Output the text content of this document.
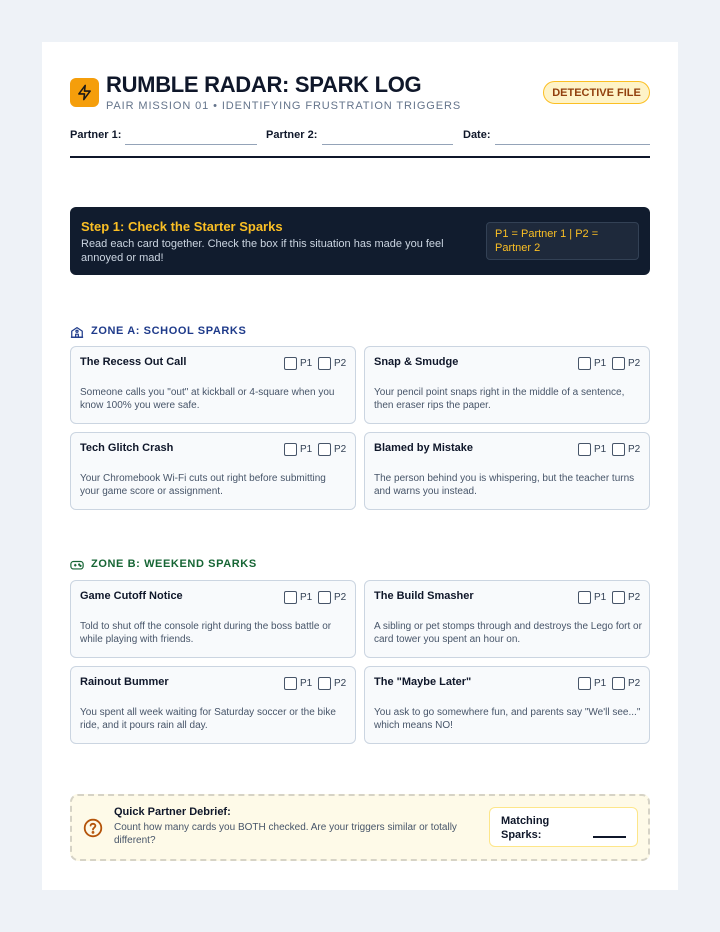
RUMBLE RADAR: SPARK LOG
PAIR MISSION 01 • IDENTIFYING FRUSTRATION TRIGGERS
DETECTIVE FILE
Partner 1:	Partner 2:	Date:
Step 1: Check the Starter Sparks
Read each card together. Check the box if this situation has made you feel annoyed or mad!
P1 = Partner 1 | P2 = Partner 2
ZONE A: SCHOOL SPARKS
The Recess Out Call	P1 P2
Someone calls you "out" at kickball or 4-square when you know 100% you were safe.
Snap & Smudge	P1 P2
Your pencil point snaps right in the middle of a sentence, then eraser rips the paper.
Tech Glitch Crash	P1 P2
Your Chromebook Wi-Fi cuts out right before submitting your game score or assignment.
Blamed by Mistake	P1 P2
The person behind you is whispering, but the teacher turns and warns you instead.
ZONE B: WEEKEND SPARKS
Game Cutoff Notice	P1 P2
Told to shut off the console right during the boss battle or while playing with friends.
The Build Smasher	P1 P2
A sibling or pet stomps through and destroys the Lego fort or card tower you spent an hour on.
Rainout Bummer	P1 P2
You spent all week waiting for Saturday soccer or the bike ride, and it pours rain all day.
The "Maybe Later"	P1 P2
You ask to go somewhere fun, and parents say "We'll see..." which means NO!
Quick Partner Debrief:
Count how many cards you BOTH checked. Are your triggers similar or totally different?
Matching Sparks:
